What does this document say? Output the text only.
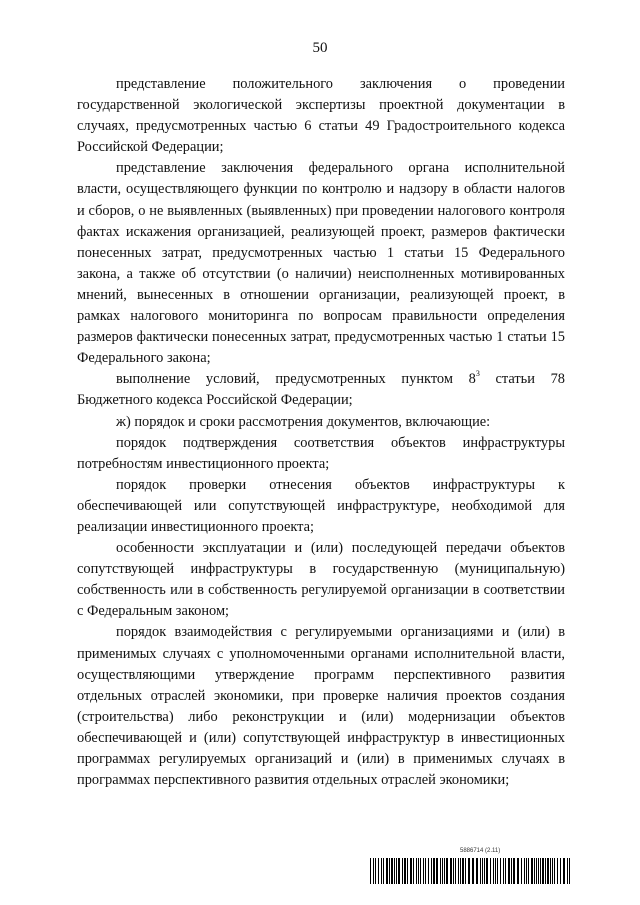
50

представление положительного заключения о проведении государственной экологической экспертизы проектной документации в случаях, предусмотренных частью 6 статьи 49 Градостроительного кодекса Российской Федерации;

представление заключения федерального органа исполнительной власти, осуществляющего функции по контролю и надзору в области налогов и сборов, о не выявленных (выявленных) при проведении налогового контроля фактах искажения организацией, реализующей проект, размеров фактически понесенных затрат, предусмотренных частью 1 статьи 15 Федерального закона, а также об отсутствии (о наличии) неисполненных мотивированных мнений, вынесенных в отношении организации, реализующей проект, в рамках налогового мониторинга по вопросам правильности определения размеров фактически понесенных затрат, предусмотренных частью 1 статьи 15 Федерального закона;

выполнение условий, предусмотренных пунктом $8^3$ статьи 78 Бюджетного кодекса Российской Федерации;

ж) порядок и сроки рассмотрения документов, включающие:

порядок подтверждения соответствия объектов инфраструктуры потребностям инвестиционного проекта;

порядок проверки отнесения объектов инфраструктуры к обеспечивающей или сопутствующей инфраструктуре, необходимой для реализации инвестиционного проекта;

особенности эксплуатации и (или) последующей передачи объектов сопутствующей инфраструктуры в государственную (муниципальную) собственность или в собственность регулируемой организации в соответствии с Федеральным законом;

порядок взаимодействия с регулируемыми организациями и (или) в применимых случаях с уполномоченными органами исполнительной власти, осуществляющими утверждение программ перспективного развития отдельных отраслей экономики, при проверке наличия проектов создания (строительства) либо реконструкции и (или) модернизации объектов обеспечивающей и (или) сопутствующей инфраструктур в инвестиционных программах регулируемых организаций и (или) в применимых случаях в программах перспективного развития отдельных отраслей экономики;

5886714 (2.11)
